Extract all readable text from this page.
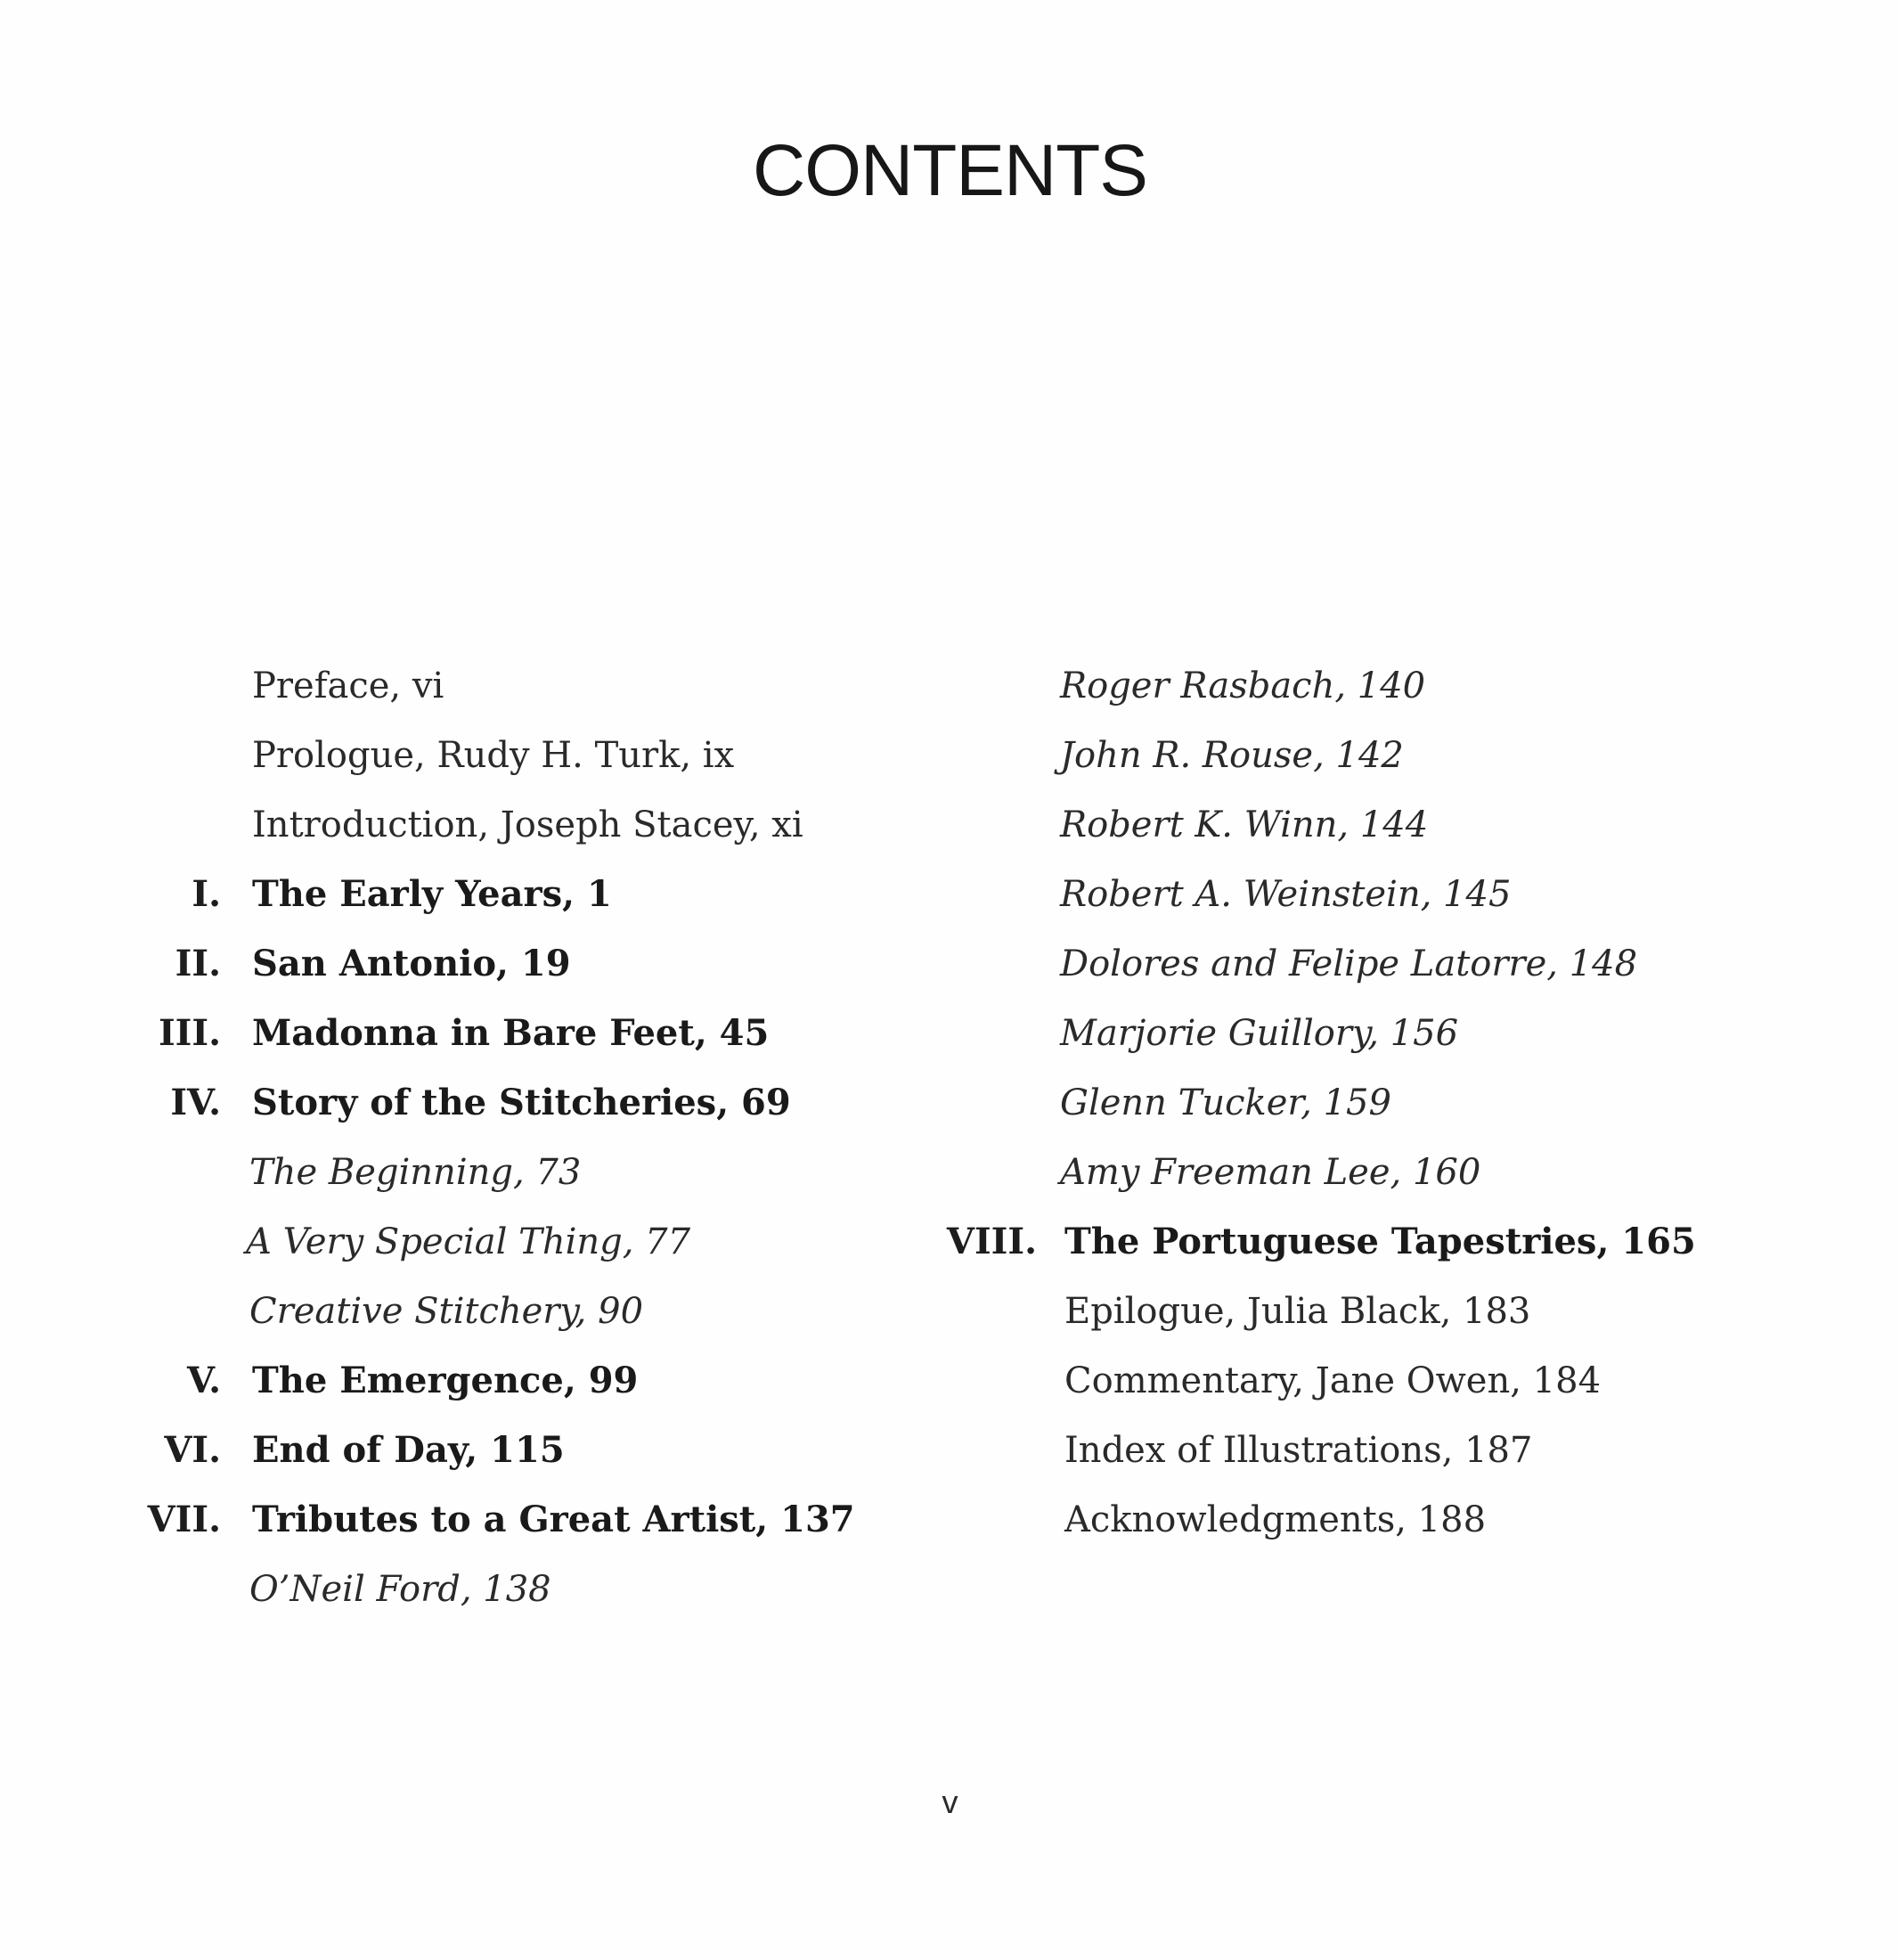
CONTENTS
Preface, vi
Prologue, Rudy H. Turk, ix
Introduction, Joseph Stacey, xi
I. The Early Years, 1
II. San Antonio, 19
III. Madonna in Bare Feet, 45
IV. Story of the Stitcheries, 69
The Beginning, 73
A Very Special Thing, 77
Creative Stitchery, 90
V. The Emergence, 99
VI. End of Day, 115
VII. Tributes to a Great Artist, 137
O’Neil Ford, 138
Roger Rasbach, 140
John R. Rouse, 142
Robert K. Winn, 144
Robert A. Weinstein, 145
Dolores and Felipe Latorre, 148
Marjorie Guillory, 156
Glenn Tucker, 159
Amy Freeman Lee, 160
VIII. The Portuguese Tapestries, 165
Epilogue, Julia Black, 183
Commentary, Jane Owen, 184
Index of Illustrations, 187
Acknowledgments, 188
v
